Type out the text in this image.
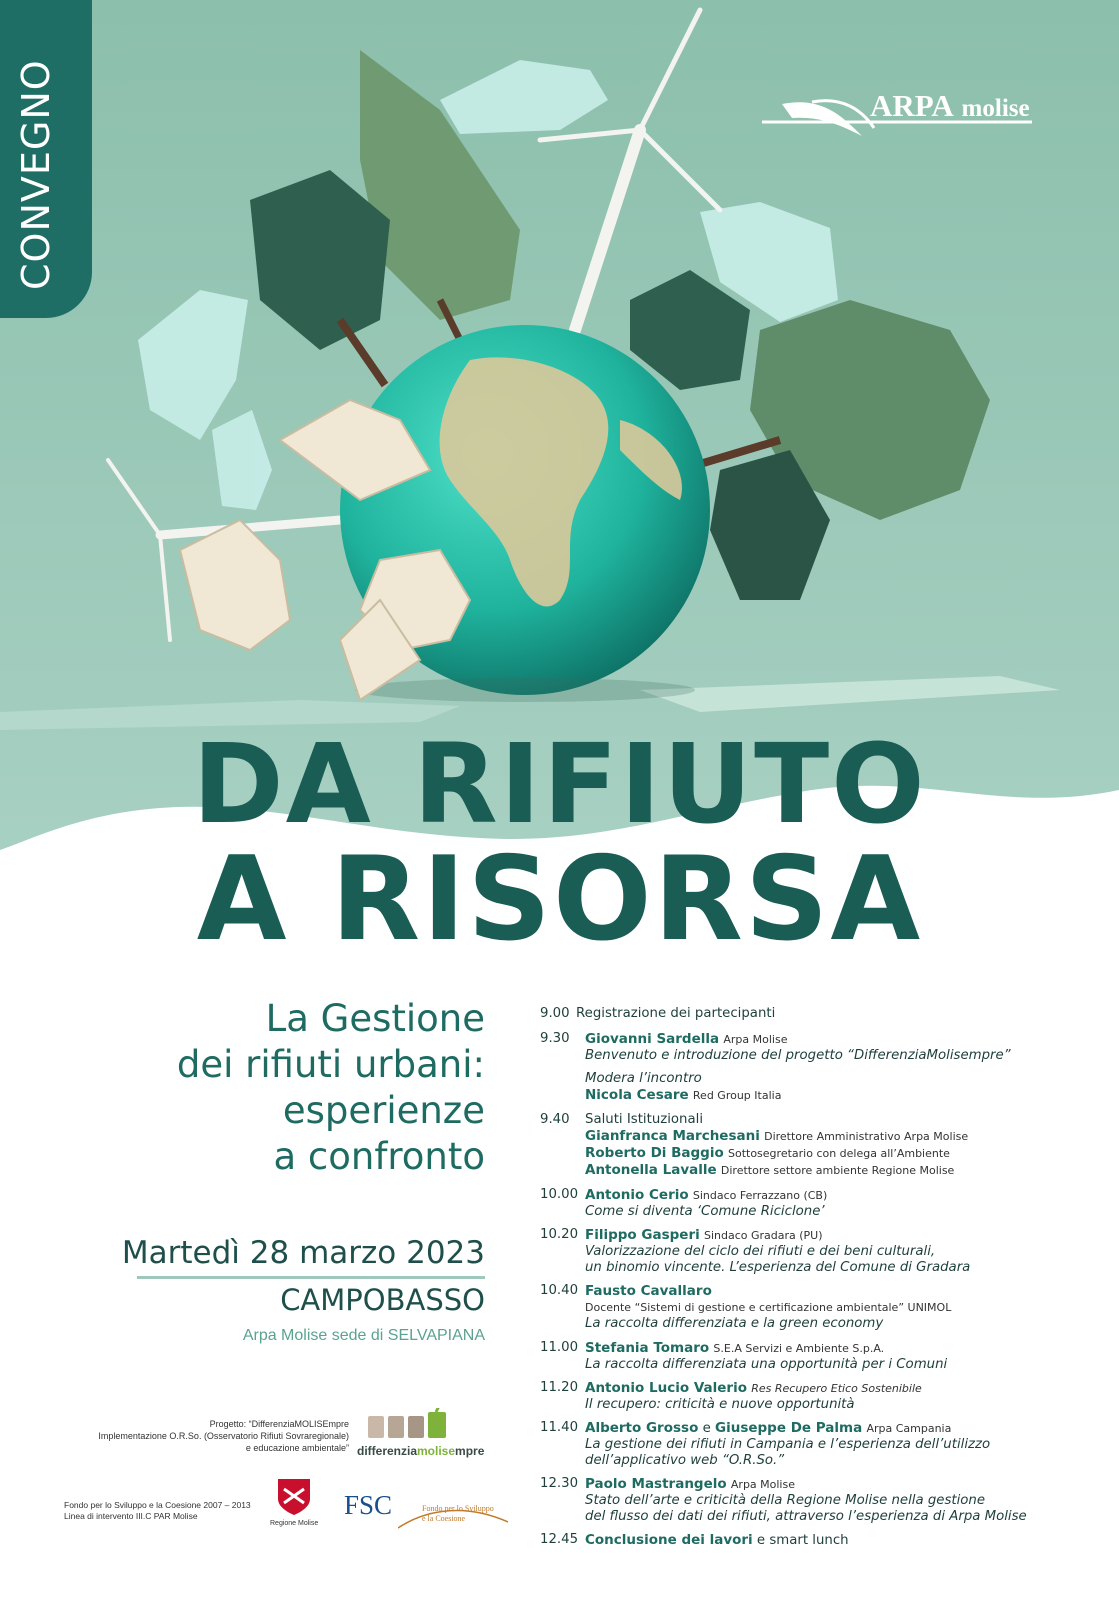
CONVEGNO	ARPA molise
DA RIFIUTO
A RISORSA
La Gestione
dei rifiuti urbani:
esperienze
a confronto
Martedì 28 marzo 2023
CAMPOBASSO
Arpa Molise sede di SELVAPIANA
Progetto: “DifferenziaMOLISEmpre
Implementazione O.R.So. (Osservatorio Rifiuti Sovraregionale)
e educazione ambientale” differenziamolisempre
Fondo per lo Sviluppo e la Coesione 2007 – 2013
Linea di intervento III.C PAR Molise
Regione Molise
FSC	Fondo per lo Sviluppo
e la Coesione
9.00 Registrazione dei partecipanti
9.30 Giovanni Sardella Arpa Molise
Benvenuto e introduzione del progetto “DifferenziaMolisempre”
Modera l’incontro
Nicola Cesare Red Group Italia
9.40 Saluti Istituzionali
Gianfranca Marchesani Direttore Amministrativo Arpa Molise
Roberto Di Baggio Sottosegretario con delega all’Ambiente
Antonella Lavalle Direttore settore ambiente Regione Molise
10.00 Antonio Cerio Sindaco Ferrazzano (CB)
Come si diventa ‘Comune Riciclone’
10.20 Filippo Gasperi Sindaco Gradara (PU)
Valorizzazione del ciclo dei rifiuti e dei beni culturali,
un binomio vincente. L’esperienza del Comune di Gradara
10.40 Fausto Cavallaro
Docente “Sistemi di gestione e certificazione ambientale” UNIMOL
La raccolta differenziata e la green economy
11.00 Stefania Tomaro S.E.A Servizi e Ambiente S.p.A.
La raccolta differenziata una opportunità per i Comuni
11.20 Antonio Lucio Valerio Res Recupero Etico Sostenibile
Il recupero: criticità e nuove opportunità
11.40 Alberto Grosso e Giuseppe De Palma Arpa Campania
La gestione dei rifiuti in Campania e l’esperienza dell’utilizzo
dell’applicativo web “O.R.So.”
12.30 Paolo Mastrangelo Arpa Molise
Stato dell’arte e criticità della Regione Molise nella gestione
del flusso dei dati dei rifiuti, attraverso l’esperienza di Arpa Molise
12.45 Conclusione dei lavori e smart lunch
